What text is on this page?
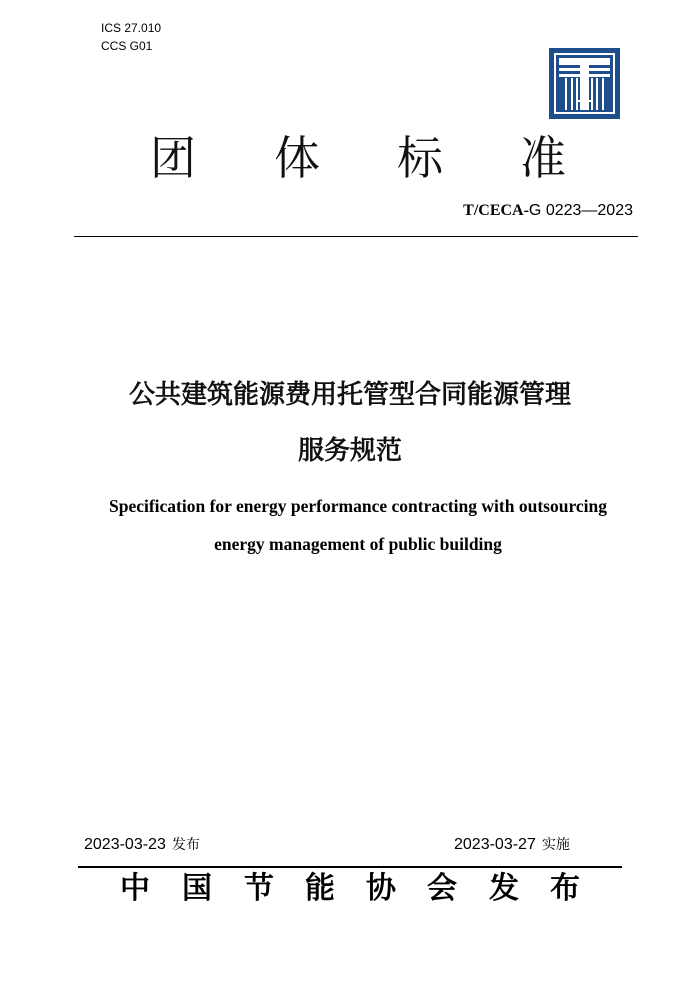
ICS 27.010
CCS G01
团 体 标 准
T/CECA-G 0223—2023
公共建筑能源费用托管型合同能源管理
服务规范
Specification for energy performance contracting with outsourcing
energy management of public building
2023-03-23 发布	2023-03-27 实施
中 国 节 能 协 会 发 布
